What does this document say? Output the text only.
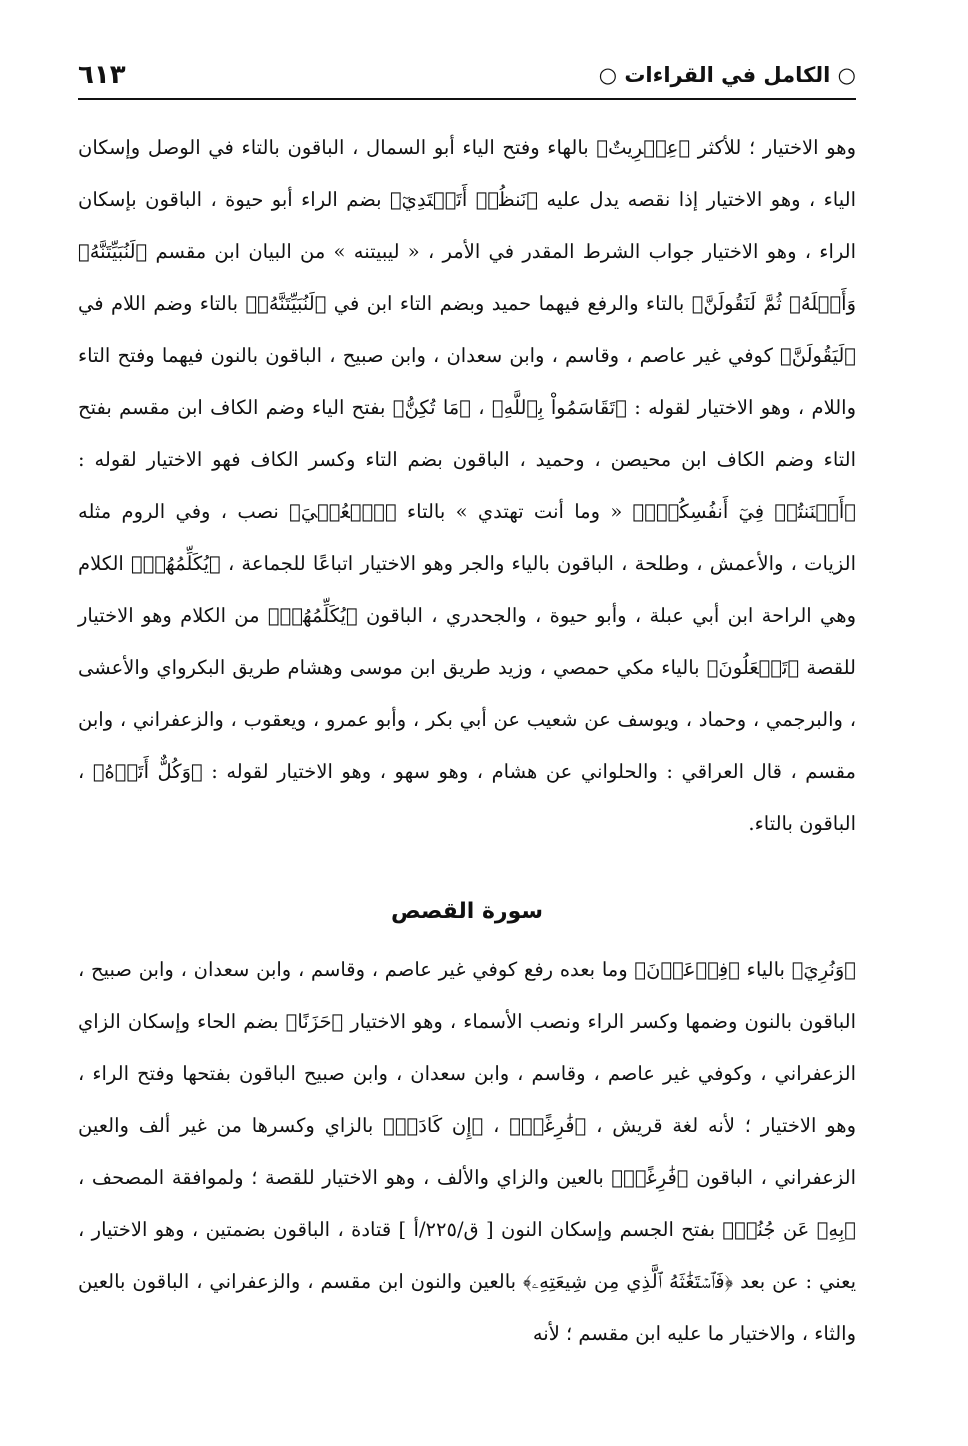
○ الكامل في القراءات ○
٦١٣

وهو الاختيار ؛ للأكثر ﴿عِفۡرِيتٌ﴾ بالهاء وفتح الياء أبو السمال ، الباقون بالتاء في الوصل وإسكان الياء ، وهو الاختيار إذا نقصه يدل عليه ﴿نَنظُرۡ أَتَهۡتَدِيٓ﴾ بضم الراء أبو حيوة ، الباقون بإسكان الراء ، وهو الاختيار جواب الشرط المقدر في الأمر ، « ليبيتنه » من البيان ابن مقسم ﴿لَنُبَيِّتَنَّهُۥ وَأَهۡلَهُۥ ثُمَّ لَنَقُولَنَّ﴾ بالتاء والرفع فيهما حميد وبضم التاء ابن في ﴿لَنُبَيِّتَنَّهُۥ﴾ بالتاء وضم اللام في ﴿لَيَقُولَنَّ﴾ كوفي غير عاصم ، وقاسم ، وابن سعدان ، وابن صبيح ، الباقون بالنون فيهما وفتح التاء واللام ، وهو الاختيار لقوله : ﴿تَقَاسَمُواْ بِٱللَّهِ﴾ ، ﴿مَا تُكِنُّ﴾ بفتح الياء وضم الكاف ابن مقسم بفتح التاء وضم الكاف ابن محيصن ، وحميد ، الباقون بضم التاء وكسر الكاف فهو الاختيار لقوله : ﴿أَكۡنَنتُمۡ فِيٓ أَنفُسِكُمۡۚ﴾ « وما أنت تهتدي » بالتاء ﴿ٱلۡعُمۡيَ﴾ نصب ، وفي الروم مثله الزيات ، والأعمش ، وطلحة ، الباقون بالياء والجر وهو الاختيار اتباعًا للجماعة ، ﴿يُكَلِّمُهُمۡ﴾ الكلام وهي الراحة ابن أبي عبلة ، وأبو حيوة ، والجحدري ، الباقون ﴿يُكَلِّمُهُمۡ﴾ من الكلام وهو الاختيار للقصة ﴿تَفۡعَلُونَ﴾ بالياء مكي حمصي ، وزيد طريق ابن موسى وهشام طريق البكرواي والأعشى ، والبرجمي ، وحماد ، ويوسف عن شعيب عن أبي بكر ، وأبو عمرو ، ويعقوب ، والزعفراني ، وابن مقسم ، قال العراقي : والحلواني عن هشام ، وهو سهو ، وهو الاختيار لقوله : ﴿وَكُلٌّ أَتَوۡهُ﴾ ، الباقون بالتاء.

سورة القصص

﴿وَنُرِيَ﴾ بالياء ﴿فِرۡعَوۡنَ﴾ وما بعده رفع كوفي غير عاصم ، وقاسم ، وابن سعدان ، وابن صبيح ، الباقون بالنون وضمها وكسر الراء ونصب الأسماء ، وهو الاختيار ﴿حَزَنًا﴾ بضم الحاء وإسكان الزاي الزعفراني ، وكوفي غير عاصم ، وقاسم ، وابن سعدان ، وابن صبيح الباقون بفتحها وفتح الراء ، وهو الاختيار ؛ لأنه لغة قريش ، ﴿فَٰرِغًاۖ﴾ ، ﴿إِن كَادَتۡ﴾ بالزاي وكسرها من غير ألف والعين الزعفراني ، الباقون ﴿فَٰرِغًاۖ﴾ بالعين والزاي والألف ، وهو الاختيار للقصة ؛ ولموافقة المصحف ، ﴿بِهِۦ عَن جُنُبٖ﴾ بفتح الجسم وإسكان النون [ ق/٢٢٥/أ ] قتادة ، الباقون بضمتين ، وهو الاختيار ، يعني : عن بعد ﴿فَٱسۡتَغَٰثَهُ ٱلَّذِي مِن شِيعَتِهِۦ﴾ بالعين والنون ابن مقسم ، والزعفراني ، الباقون بالعين والثاء ، والاختيار ما عليه ابن مقسم ؛ لأنه
